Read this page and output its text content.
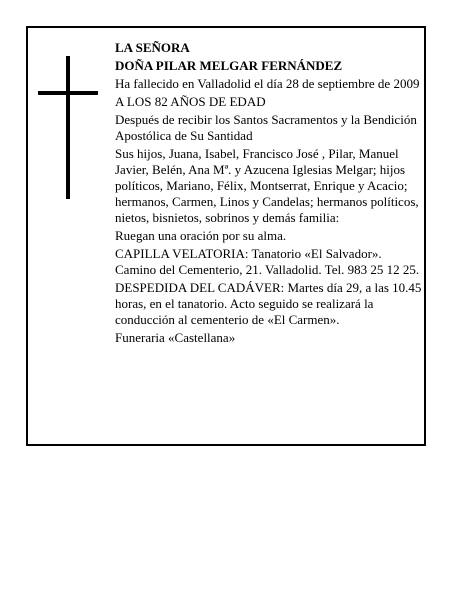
LA SEÑORA

DOÑA PILAR MELGAR FERNÁNDEZ

Ha fallecido en Valladolid el día 28 de septiembre de 2009

A LOS 82 AÑOS DE EDAD

Después de recibir los Santos Sacramentos y la Bendición Apostólica de Su Santidad

Sus hijos, Juana, Isabel, Francisco José , Pilar, Manuel Javier, Belén, Ana Mª. y Azucena Iglesias Melgar; hijos políticos, Mariano, Félix, Montserrat, Enrique y Acacio; hermanos, Carmen, Linos y Candelas; hermanos políticos, nietos, bisnietos, sobrinos y demás familia:

Ruegan una oración por su alma.

CAPILLA VELATORIA: Tanatorio «El Salvador». Camino del Cementerio, 21. Valladolid. Tel. 983 25 12 25.

DESPEDIDA DEL CADÁVER: Martes día 29, a las 10.45 horas, en el tanatorio. Acto seguido se realizará la conducción al cementerio de «El Carmen».

Funeraria «Castellana»
